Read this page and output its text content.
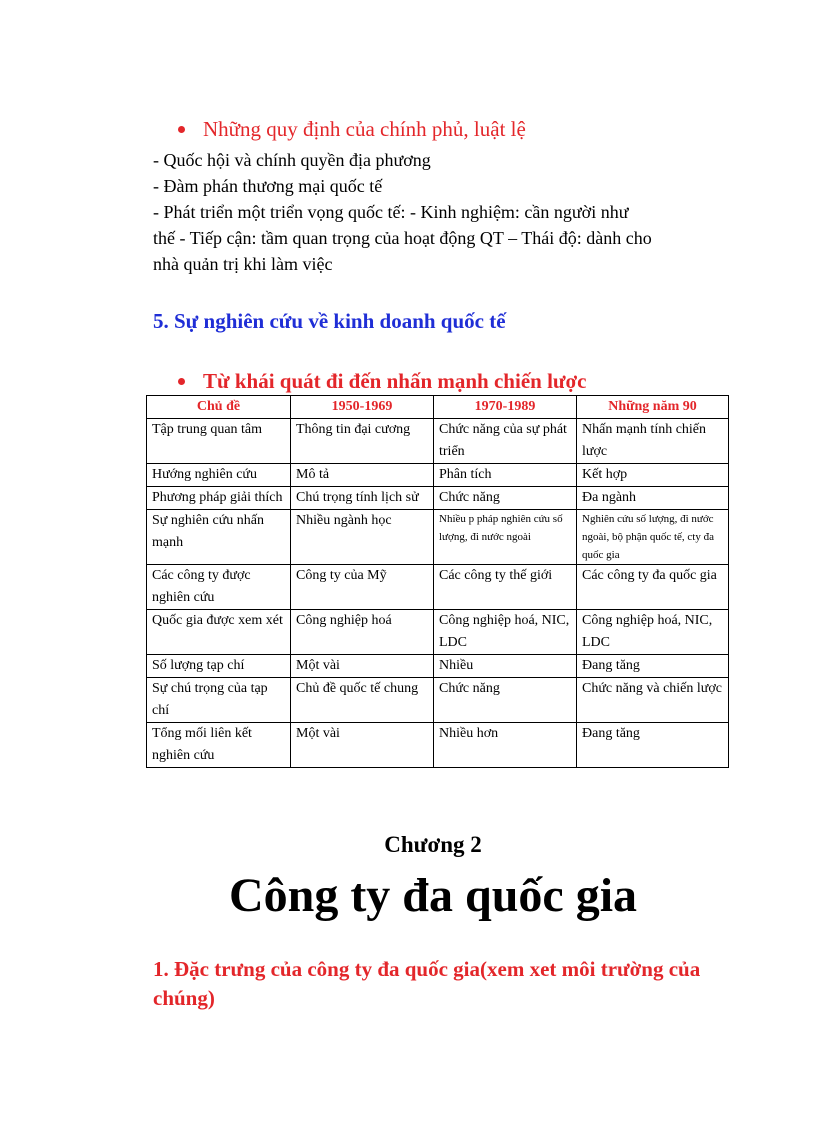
Những quy định của chính phủ, luật lệ
- Quốc hội và chính quyền địa phương
- Đàm phán thương mại quốc tế
- Phát triển một triển vọng quốc tế: - Kinh nghiệm: cần người như
thế - Tiếp cận: tầm quan trọng của hoạt động QT – Thái độ: dành cho
nhà quản trị khi làm việc
5. Sự nghiên cứu về kinh doanh quốc tế
Từ khái quát đi đến nhấn mạnh chiến lược
Chủ đề	1950-1969	1970-1989	Những năm 90
Tập trung quan tâm	Thông tin đại cương	Chức năng của sự phát triển	Nhấn mạnh tính chiến lược
Hướng nghiên cứu	Mô tả	Phân tích	Kết hợp
Phương pháp giải thích	Chú trọng tính lịch sử	Chức năng	Đa ngành
Sự nghiên cứu nhấn mạnh	Nhiều ngành học	Nhiều p pháp nghiên cứu số lượng, đi nước ngoài	Nghiên cứu số lượng, đi nước ngoài, bộ phận quốc tế, cty đa quốc gia
Các công ty được nghiên cứu	Công ty của Mỹ	Các công ty thế giới	Các công ty đa quốc gia
Quốc gia được xem xét	Công nghiệp hoá	Công nghiệp hoá, NIC, LDC	Công nghiệp hoá, NIC, LDC
Số lượng tạp chí	Một vài	Nhiều	Đang tăng
Sự chú trọng của tạp chí	Chủ đề quốc tế chung	Chức năng	Chức năng và chiến lược
Tổng mối liên kết nghiên cứu	Một vài	Nhiều hơn	Đang tăng
Chương 2
Công ty đa quốc gia
1. Đặc trưng của công ty đa quốc gia(xem xet môi trường của chúng)
